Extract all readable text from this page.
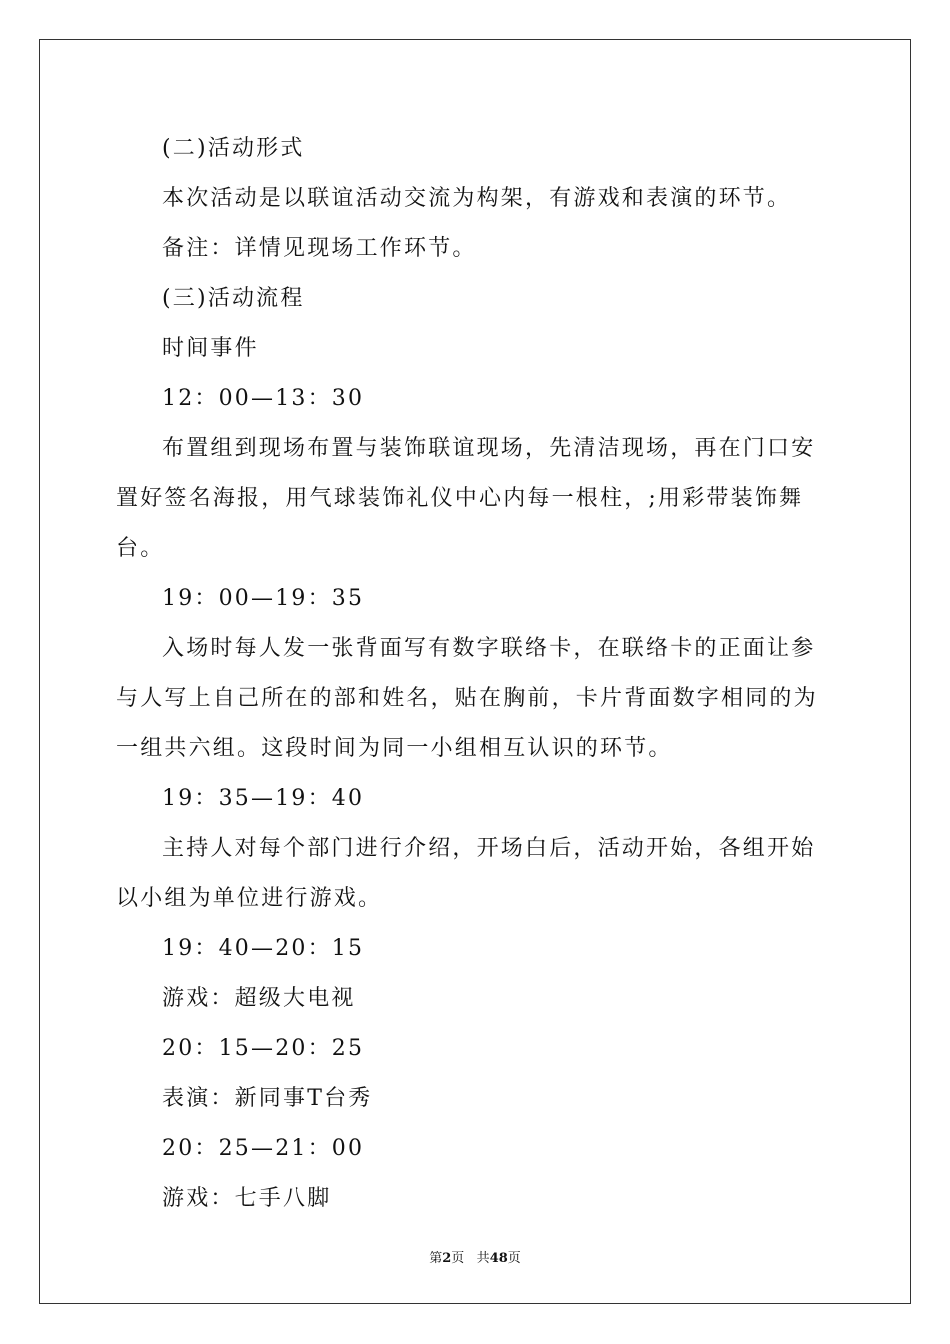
(二)活动形式

本次活动是以联谊活动交流为构架，有游戏和表演的环节。

备注：详情见现场工作环节。

(三)活动流程

时间事件

12：00—13：30

布置组到现场布置与装饰联谊现场，先清洁现场，再在门口安置好签名海报，用气球装饰礼仪中心内每一根柱，;用彩带装饰舞台。

19：00—19：35

入场时每人发一张背面写有数字联络卡，在联络卡的正面让参与人写上自己所在的部和姓名，贴在胸前，卡片背面数字相同的为一组共六组。这段时间为同一小组相互认识的环节。

19：35—19：40

主持人对每个部门进行介绍，开场白后，活动开始，各组开始以小组为单位进行游戏。

19：40—20：15

游戏：超级大电视

20：15—20：25

表演：新同事T台秀

20：25—21：00

游戏：七手八脚

第2页 共48页
